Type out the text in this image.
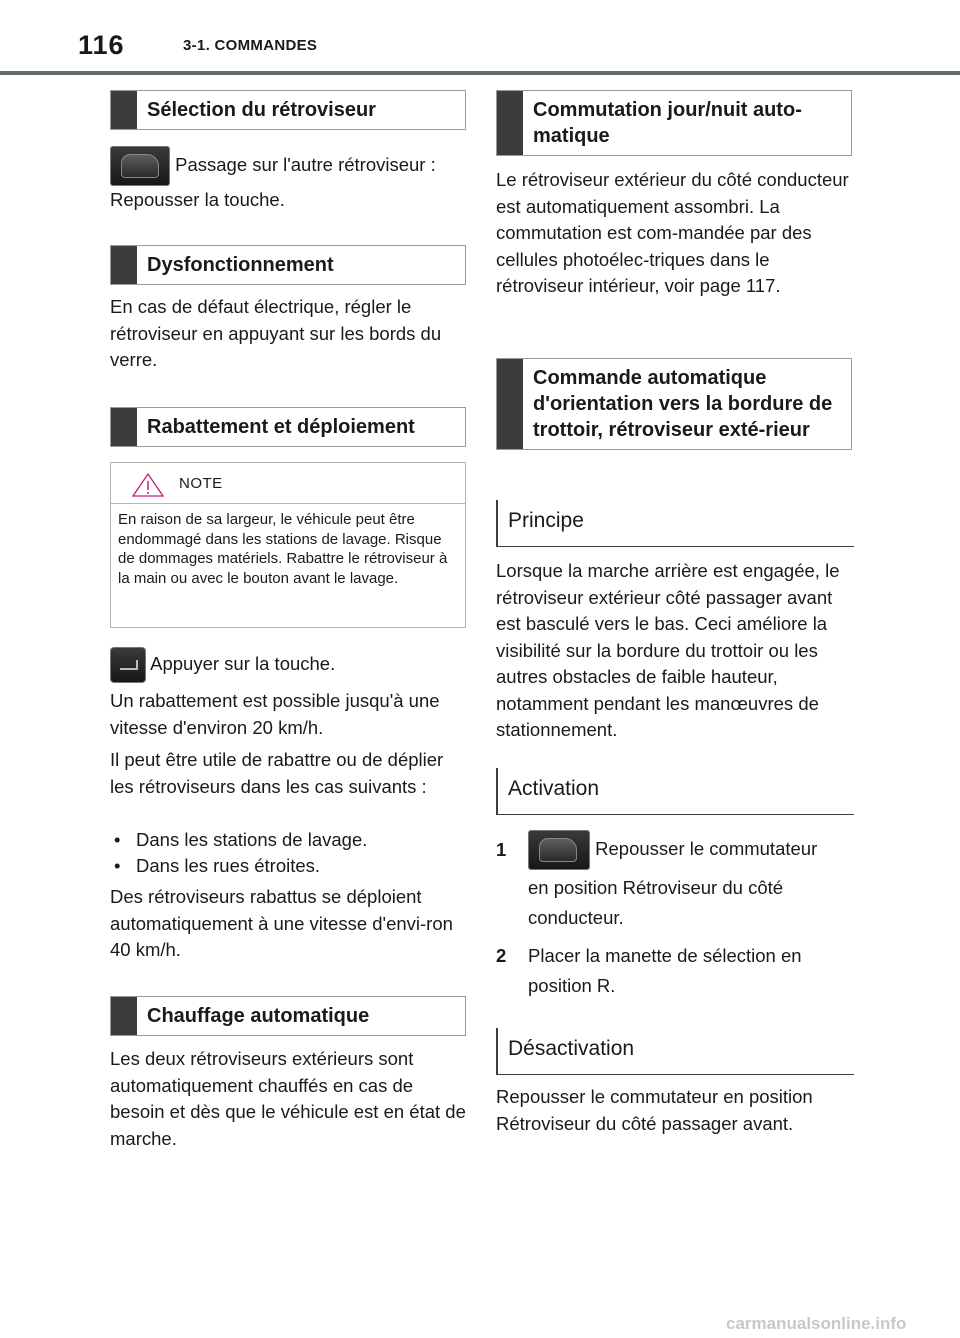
116	3-1. COMMANDES
Sélection du rétroviseur
Passage sur l'autre rétroviseur :

Repousser la touche.

Dysfonctionnement

En cas de défaut électrique, régler le rétroviseur en appuyant sur les bords du verre.

Rabattement et déploiement
NOTE
En raison de sa largeur, le véhicule peut être endommagé dans les stations de lavage. Risque de dommages matériels. Rabattre le rétroviseur à la main ou avec le bouton avant le lavage.
Appuyer sur la touche.

Un rabattement est possible jusqu'à une vitesse d'environ 20 km/h.

Il peut être utile de rabattre ou de déplier les rétroviseurs dans les cas suivants :

• Dans les stations de lavage.
• Dans les rues étroites.

Des rétroviseurs rabattus se déploient automatiquement à une vitesse d'envi-ron 40 km/h.

Chauffage automatique

Les deux rétroviseurs extérieurs sont automatiquement chauffés en cas de besoin et dès que le véhicule est en état de marche.

Commutation jour/nuit auto-matique

Le rétroviseur extérieur du côté conducteur est automatiquement assombri. La commutation est com-mandée par des cellules photoélec-triques dans le rétroviseur intérieur, voir page 117.

Commande automatique d'orientation vers la bordure de trottoir, rétroviseur exté-rieur
Principe

Lorsque la marche arrière est engagée, le rétroviseur extérieur côté passager avant est basculé vers le bas. Ceci améliore la visibilité sur la bordure du trottoir ou les autres obstacles de faible hauteur, notamment pendant les manœuvres de stationnement.

Activation
1	Repousser le commutateur
en position Rétroviseur du côté
conducteur.
2 Placer la manette de sélection en
position R.
Désactivation

Repousser le commutateur en position Rétroviseur du côté passager avant.

carmanualsonline.info
